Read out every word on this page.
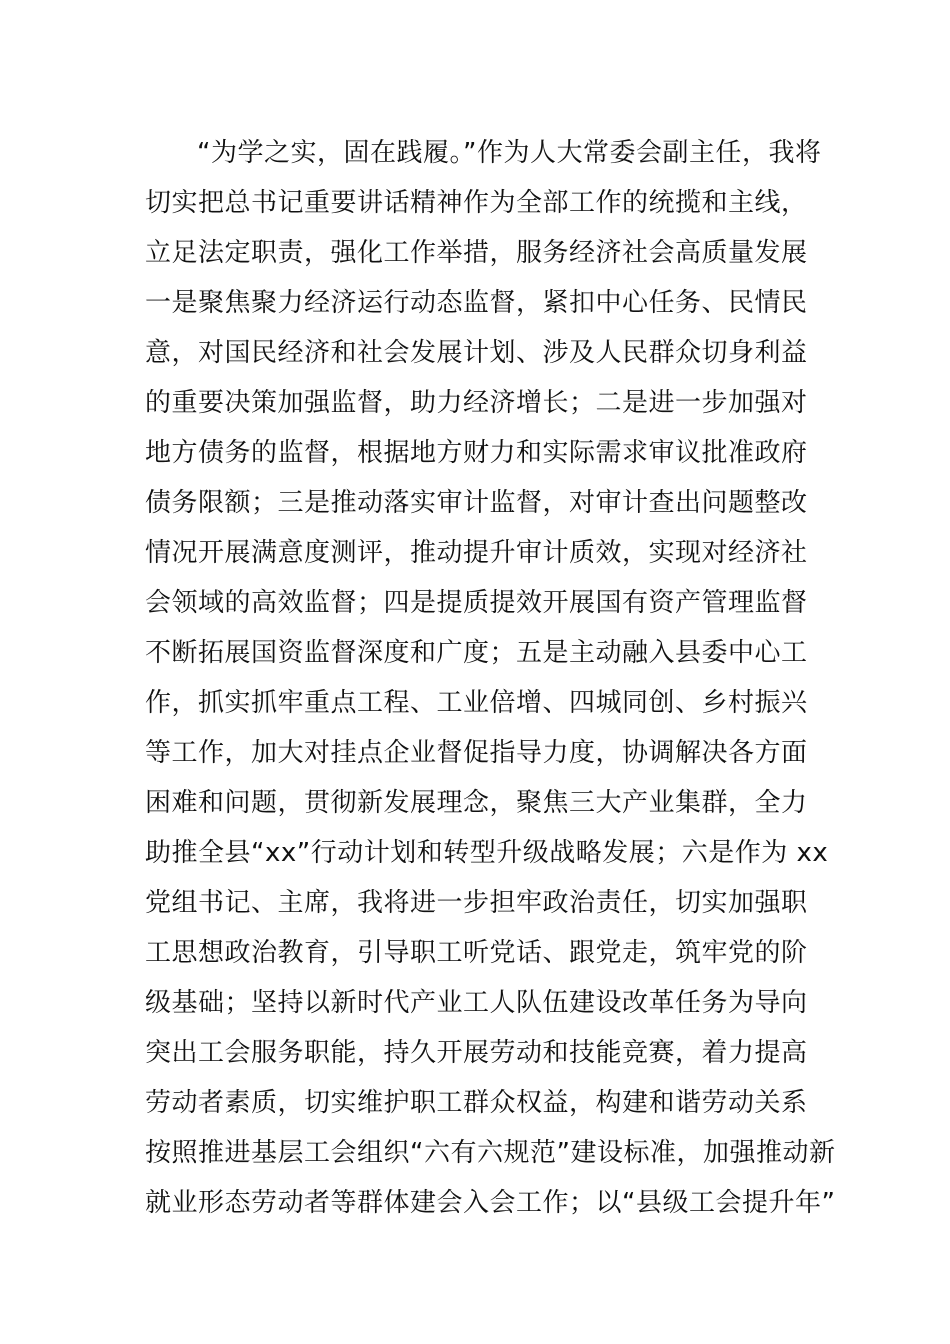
“为学之实，固在践履。”作为人大常委会副主任，我将
切实把总书记重要讲话精神作为全部工作的统揽和主线，
立足法定职责，强化工作举措，服务经济社会高质量发展
一是聚焦聚力经济运行动态监督，紧扣中心任务、民情民
意，对国民经济和社会发展计划、涉及人民群众切身利益
的重要决策加强监督，助力经济增长；二是进一步加强对
地方债务的监督，根据地方财力和实际需求审议批准政府
债务限额；三是推动落实审计监督，对审计查出问题整改
情况开展满意度测评，推动提升审计质效，实现对经济社
会领域的高效监督；四是提质提效开展国有资产管理监督
不断拓展国资监督深度和广度；五是主动融入县委中心工
作，抓实抓牢重点工程、工业倍增、四城同创、乡村振兴
等工作，加大对挂点企业督促指导力度，协调解决各方面
困难和问题，贯彻新发展理念，聚焦三大产业集群，全力
助推全县“xx”行动计划和转型升级战略发展；六是作为 xx
党组书记、主席，我将进一步担牢政治责任，切实加强职
工思想政治教育，引导职工听党话、跟党走，筑牢党的阶
级基础；坚持以新时代产业工人队伍建设改革任务为导向
突出工会服务职能，持久开展劳动和技能竞赛，着力提高
劳动者素质，切实维护职工群众权益，构建和谐劳动关系
按照推进基层工会组织“六有六规范”建设标准，加强推动新
就业形态劳动者等群体建会入会工作；以“县级工会提升年”
